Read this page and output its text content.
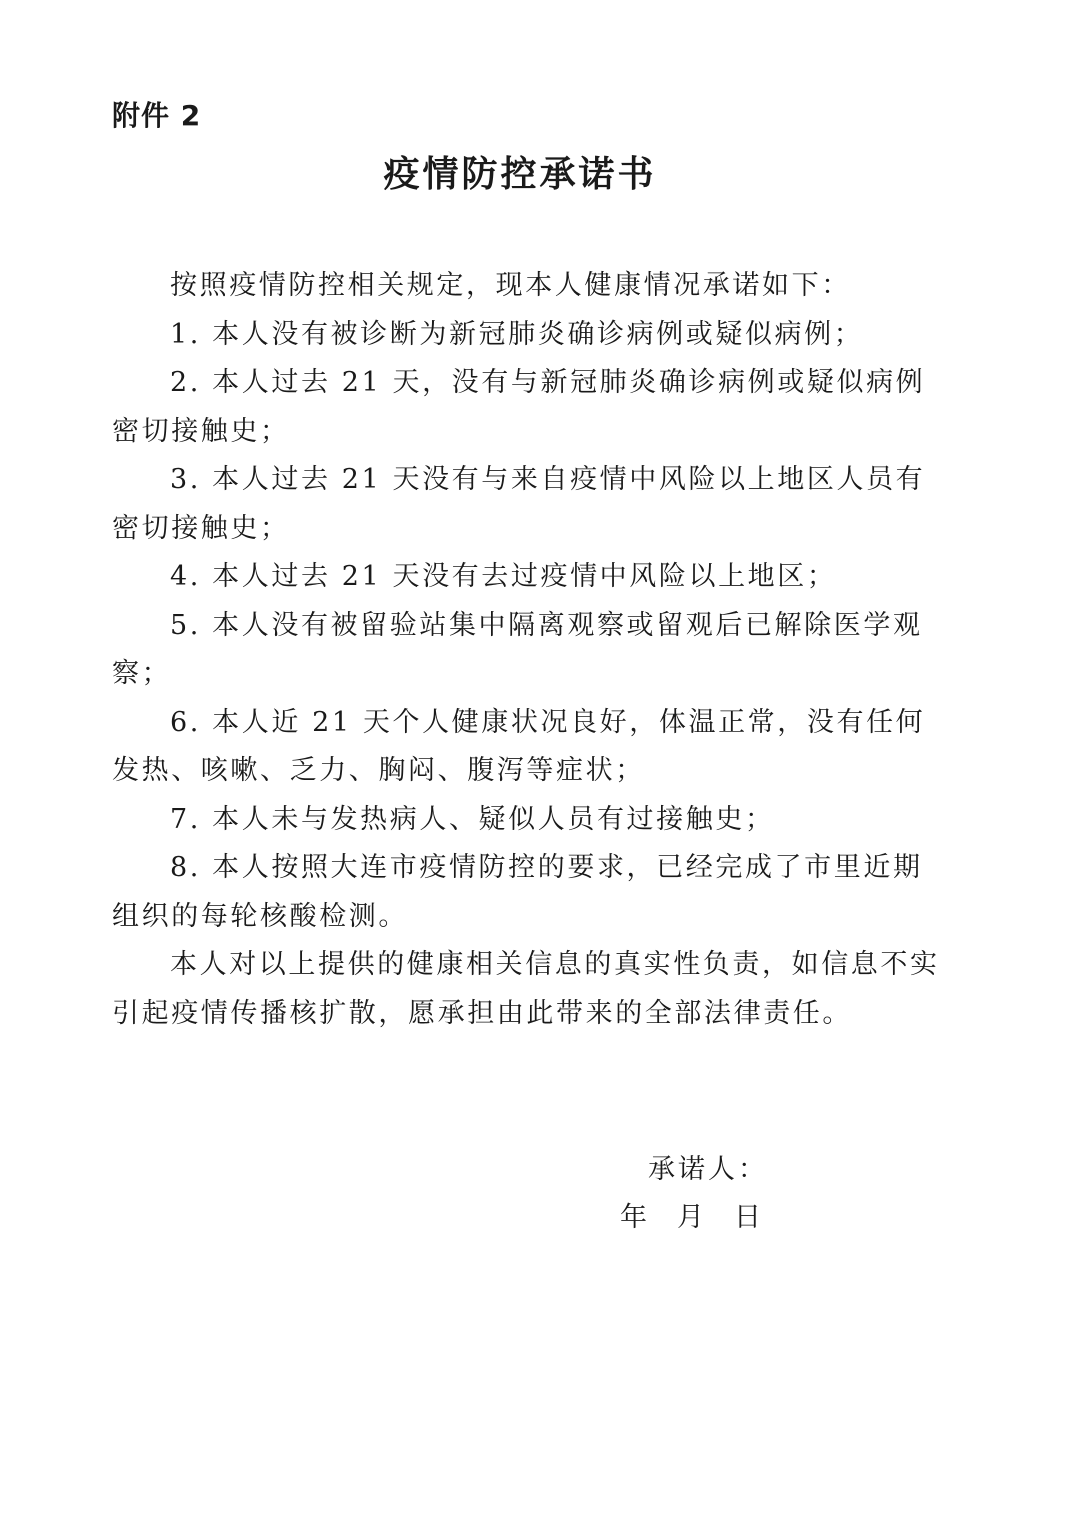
附件 2
疫情防控承诺书

按照疫情防控相关规定，现本人健康情况承诺如下：

1. 本人没有被诊断为新冠肺炎确诊病例或疑似病例；

2. 本人过去 21 天，没有与新冠肺炎确诊病例或疑似病例密切接触史；

3. 本人过去 21 天没有与来自疫情中风险以上地区人员有密切接触史；

4. 本人过去 21 天没有去过疫情中风险以上地区；

5. 本人没有被留验站集中隔离观察或留观后已解除医学观察；

6. 本人近 21 天个人健康状况良好，体温正常，没有任何发热、咳嗽、乏力、胸闷、腹泻等症状；

7. 本人未与发热病人、疑似人员有过接触史；

8. 本人按照大连市疫情防控的要求，已经完成了市里近期组织的每轮核酸检测。

本人对以上提供的健康相关信息的真实性负责，如信息不实引起疫情传播核扩散，愿承担由此带来的全部法律责任。

承诺人：
年 月 日
